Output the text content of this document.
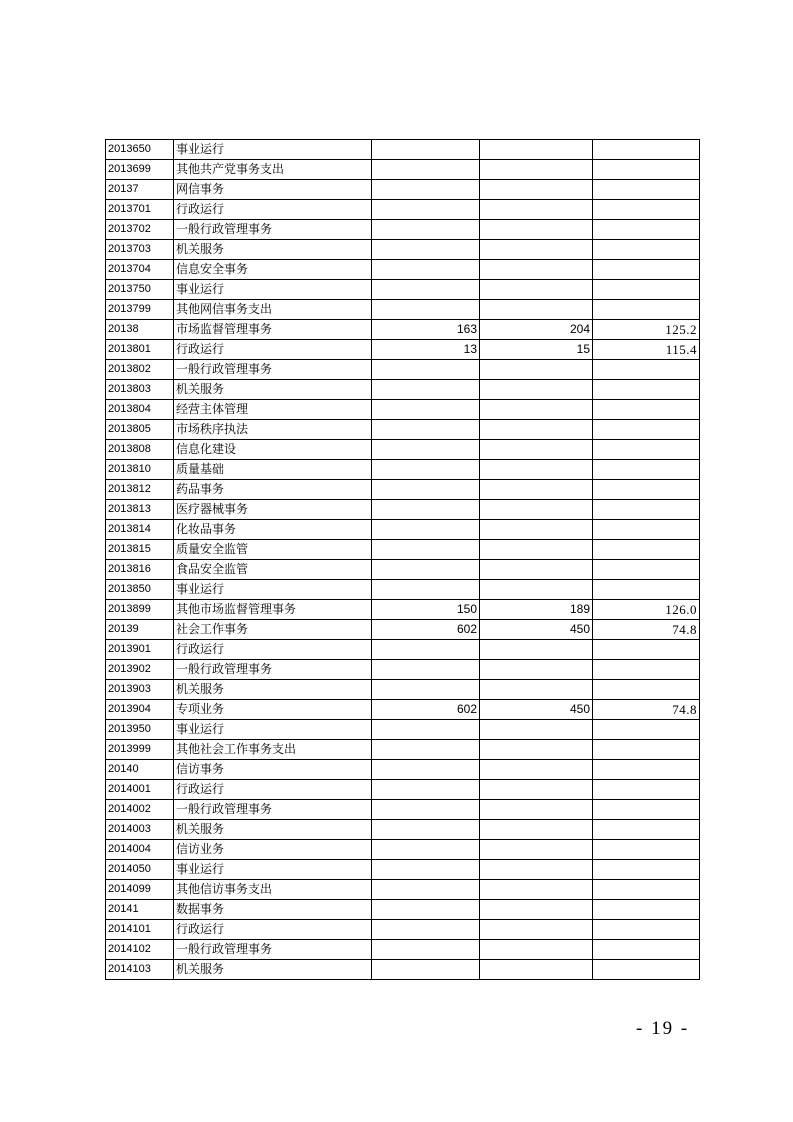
2013650	事业运行			
2013699	其他共产党事务支出			
20137	网信事务			
2013701	行政运行			
2013702	一般行政管理事务			
2013703	机关服务			
2013704	信息安全事务			
2013750	事业运行			
2013799	其他网信事务支出			
20138	市场监督管理事务	163	204	125.2
2013801	行政运行	13	15	115.4
2013802	一般行政管理事务			
2013803	机关服务			
2013804	经营主体管理			
2013805	市场秩序执法			
2013808	信息化建设			
2013810	质量基础			
2013812	药品事务			
2013813	医疗器械事务			
2013814	化妆品事务			
2013815	质量安全监管			
2013816	食品安全监管			
2013850	事业运行			
2013899	其他市场监督管理事务	150	189	126.0
20139	社会工作事务	602	450	74.8
2013901	行政运行			
2013902	一般行政管理事务			
2013903	机关服务			
2013904	专项业务	602	450	74.8
2013950	事业运行			
2013999	其他社会工作事务支出			
20140	信访事务			
2014001	行政运行			
2014002	一般行政管理事务			
2014003	机关服务			
2014004	信访业务			
2014050	事业运行			
2014099	其他信访事务支出			
20141	数据事务			
2014101	行政运行			
2014102	一般行政管理事务			
2014103	机关服务			
- 19 -
